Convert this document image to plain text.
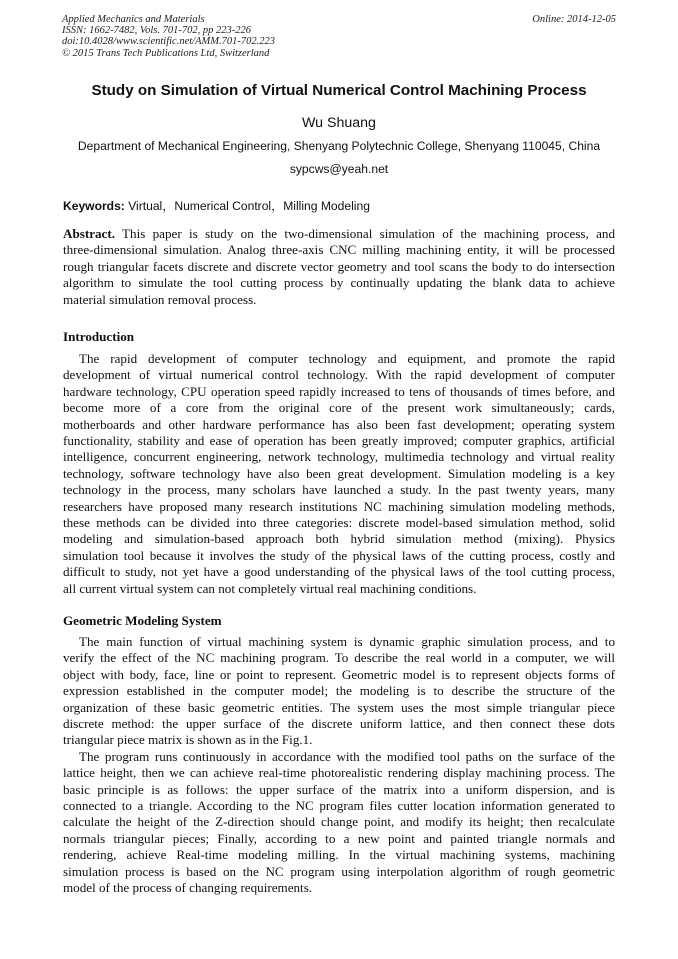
Applied Mechanics and Materials
ISSN: 1662-7482, Vols. 701-702, pp 223-226
doi:10.4028/www.scientific.net/AMM.701-702.223
© 2015 Trans Tech Publications Ltd, Switzerland
Online: 2014-12-05
Study on Simulation of Virtual Numerical Control Machining Process
Wu Shuang
Department of Mechanical Engineering, Shenyang Polytechnic College, Shenyang 110045, China
sypcws@yeah.net
Keywords: Virtual，Numerical Control，Milling Modeling
Abstract. This paper is study on the two-dimensional simulation of the machining process, and
three-dimensional simulation. Analog three-axis CNC milling machining entity, it will be processed
rough triangular facets discrete and discrete vector geometry and tool scans the body to do intersection
algorithm to simulate the tool cutting process by continually updating the blank data to achieve
material simulation removal process.
Introduction
The rapid development of computer technology and equipment, and promote the rapid
development of virtual numerical control technology. With the rapid development of computer
hardware technology, CPU operation speed rapidly increased to tens of thousands of times before, and
become more of a core from the original core of the present work simultaneously; cards,
motherboards and other hardware performance has also been fast development; operating system
functionality, stability and ease of operation has been greatly improved; computer graphics, artificial
intelligence, concurrent engineering, network technology, multimedia technology and virtual reality
technology, software technology have also been great development. Simulation modeling is a key
technology in the process, many scholars have launched a study. In the past twenty years, many
researchers have proposed many research institutions NC machining simulation modeling methods,
these methods can be divided into three categories: discrete model-based simulation method, solid
modeling and simulation-based approach both hybrid simulation method (mixing). Physics
simulation tool because it involves the study of the physical laws of the cutting process, costly and
difficult to study, not yet have a good understanding of the physical laws of the tool cutting process,
all current virtual system can not completely virtual real machining conditions.
Geometric Modeling System
The main function of virtual machining system is dynamic graphic simulation process, and to
verify the effect of the NC machining program. To describe the real world in a computer, we will
object with body, face, line or point to represent. Geometric model is to represent objects forms of
expression established in the computer model; the modeling is to describe the structure of the
organization of these basic geometric entities. The system uses the most simple triangular piece
discrete method: the upper surface of the discrete uniform lattice, and then connect these dots
triangular piece matrix is shown as in the Fig.1.
The program runs continuously in accordance with the modified tool paths on the surface of the
lattice height, then we can achieve real-time photorealistic rendering display machining process. The
basic principle is as follows: the upper surface of the matrix into a uniform dispersion, and is
connected to a triangle. According to the NC program files cutter location information generated to
calculate the height of the Z-direction should change point, and modify its height; then recalculate
normals triangular pieces; Finally, according to a new point and painted triangle normals and
rendering, achieve Real-time modeling milling. In the virtual machining systems, machining
simulation process is based on the NC program using interpolation algorithm of rough geometric
model of the process of changing requirements.
